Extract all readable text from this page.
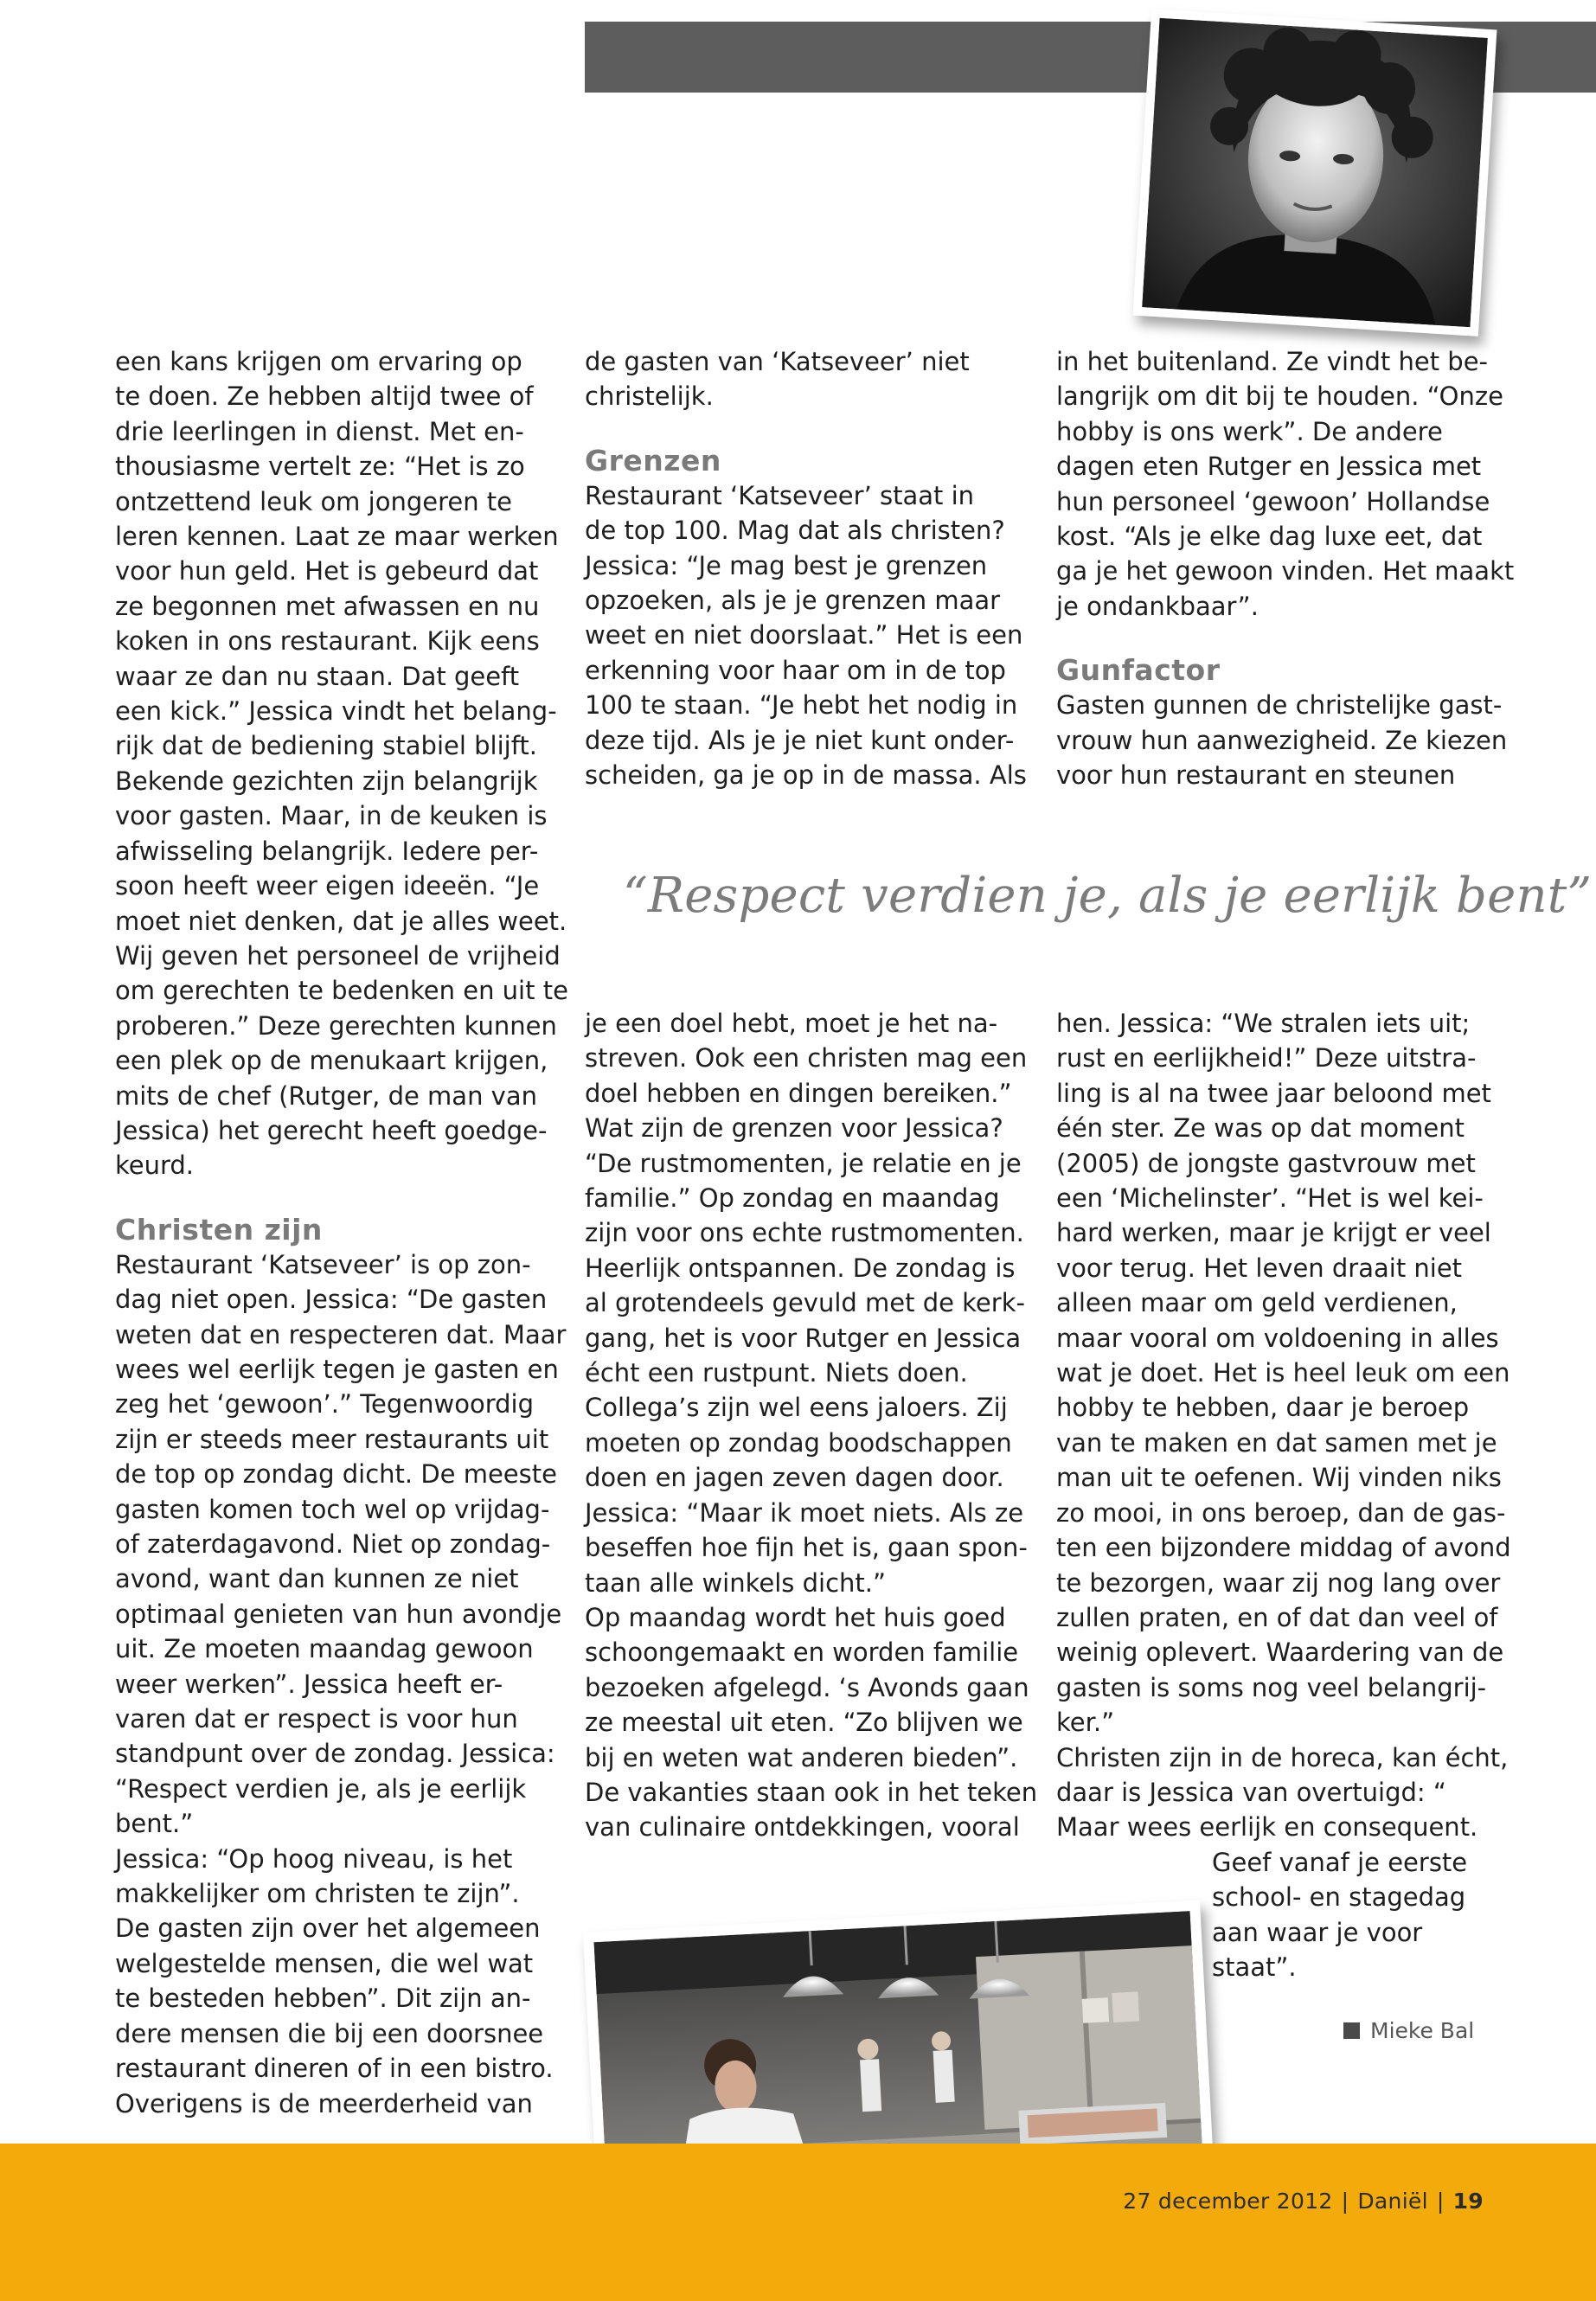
een kans krijgen om ervaring op

te doen. Ze hebben altijd twee of

drie leerlingen in dienst. Met en-

thousiasme vertelt ze: “Het is zo

ontzettend leuk om jongeren te

leren kennen. Laat ze maar werken

voor hun geld. Het is gebeurd dat

ze begonnen met afwassen en nu

koken in ons restaurant. Kijk eens

waar ze dan nu staan. Dat geeft

een kick.” Jessica vindt het belang-

rijk dat de bediening stabiel blijft.

Bekende gezichten zijn belangrijk

voor gasten. Maar, in de keuken is

afwisseling belangrijk. Iedere per-

soon heeft weer eigen ideeën. “Je

moet niet denken, dat je alles weet.

Wij geven het personeel de vrijheid

om gerechten te bedenken en uit te

proberen.” Deze gerechten kunnen

een plek op de menukaart krijgen,

mits de chef (Rutger, de man van

Jessica) het gerecht heeft goedge-

keurd.

Christen zijn

Restaurant ‘Katseveer’ is op zon-

dag niet open. Jessica: “De gasten

weten dat en respecteren dat. Maar

wees wel eerlijk tegen je gasten en

zeg het ‘gewoon’.” Tegenwoordig

zijn er steeds meer restaurants uit

de top op zondag dicht. De meeste

gasten komen toch wel op vrijdag-

of zaterdagavond. Niet op zondag-

avond, want dan kunnen ze niet

optimaal genieten van hun avondje

uit. Ze moeten maandag gewoon

weer werken”. Jessica heeft er-

varen dat er respect is voor hun

standpunt over de zondag. Jessica:

“Respect verdien je, als je eerlijk

bent.”

Jessica: “Op hoog niveau, is het

makkelijker om christen te zijn”.

De gasten zijn over het algemeen

welgestelde mensen, die wel wat

te besteden hebben”. Dit zijn an-

dere mensen die bij een doorsnee

restaurant dineren of in een bistro.

Overigens is de meerderheid van

de gasten van ‘Katseveer’ niet

christelijk.

Grenzen

Restaurant ‘Katseveer’ staat in

de top 100. Mag dat als christen?

Jessica: “Je mag best je grenzen

opzoeken, als je je grenzen maar

weet en niet doorslaat.” Het is een

erkenning voor haar om in de top

100 te staan. “Je hebt het nodig in

deze tijd. Als je je niet kunt onder-

scheiden, ga je op in de massa. Als

in het buitenland. Ze vindt het be-

langrijk om dit bij te houden. “Onze

hobby is ons werk”. De andere

dagen eten Rutger en Jessica met

hun personeel ‘gewoon’ Hollandse

kost. “Als je elke dag luxe eet, dat

ga je het gewoon vinden. Het maakt

je ondankbaar”.

Gunfactor

Gasten gunnen de christelijke gast-

vrouw hun aanwezigheid. Ze kiezen

voor hun restaurant en steunen

“Respect verdien je, als je eerlijk bent”

je een doel hebt, moet je het na-

streven. Ook een christen mag een

doel hebben en dingen bereiken.”

Wat zijn de grenzen voor Jessica?

“De rustmomenten, je relatie en je

familie.” Op zondag en maandag

zijn voor ons echte rustmomenten.

Heerlijk ontspannen. De zondag is

al grotendeels gevuld met de kerk-

gang, het is voor Rutger en Jessica

écht een rustpunt. Niets doen.

Collega’s zijn wel eens jaloers. Zij

moeten op zondag boodschappen

doen en jagen zeven dagen door.

Jessica: “Maar ik moet niets. Als ze

beseffen hoe fijn het is, gaan spon-

taan alle winkels dicht.”

Op maandag wordt het huis goed

schoongemaakt en worden familie

bezoeken afgelegd. ‘s Avonds gaan

ze meestal uit eten. “Zo blijven we

bij en weten wat anderen bieden”.

De vakanties staan ook in het teken

van culinaire ontdekkingen, vooral

hen. Jessica: “We stralen iets uit;

rust en eerlijkheid!” Deze uitstra-

ling is al na twee jaar beloond met

één ster. Ze was op dat moment

(2005) de jongste gastvrouw met

een ‘Michelinster’. “Het is wel kei-

hard werken, maar je krijgt er veel

voor terug. Het leven draait niet

alleen maar om geld verdienen,

maar vooral om voldoening in alles

wat je doet. Het is heel leuk om een

hobby te hebben, daar je beroep

van te maken en dat samen met je

man uit te oefenen. Wij vinden niks

zo mooi, in ons beroep, dan de gas-

ten een bijzondere middag of avond

te bezorgen, waar zij nog lang over

zullen praten, en of dat dan veel of

weinig oplevert. Waardering van de

gasten is soms nog veel belangrij-

ker.”

Christen zijn in de horeca, kan écht,

daar is Jessica van overtuigd: “

Maar wees eerlijk en consequent.

Geef vanaf je eerste

school- en stagedag

aan waar je voor

staat”.

Mieke Bal
27 december 2012 | Daniël | 19
